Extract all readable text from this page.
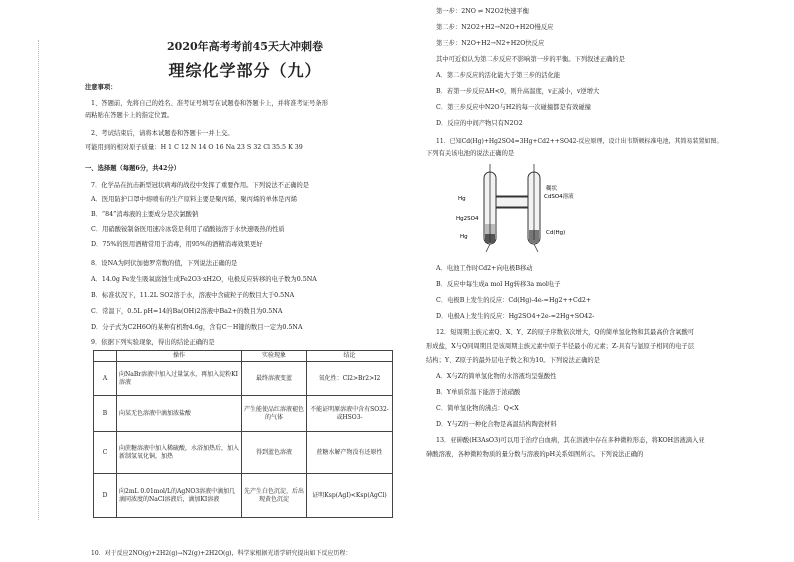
2020年高考考前45天大冲刺卷
理综化学部分（九）
注意事项：
1、答题前，先将自己的姓名、准考证号填写在试题卷和答题卡上，并将准考证号条形
码粘贴在答题卡上的指定位置。
2、考试结束后，请将本试题卷和答题卡一并上交。
可能用到的相对原子质量：H 1 C 12 N 14 O 16 Na 23 S 32 Cl 35.5 K 39
一、选择题（每题6分，共42分）
7．化学品在抗击新型冠状病毒的战役中发挥了重要作用。下列说法不正确的是
A．医用防护口罩中熔喷布的生产原料主要是聚丙烯，聚丙烯的单体是丙烯
B．“84”消毒液的主要成分是次氯酸钠
C．用硝酸铵制备医用速冷冰袋是利用了硝酸铵溶于水快速吸热的性质
D．75%的医用酒精常用于消毒，用95%的酒精消毒效果更好
8．设NA为阿伏加德罗常数的值，下列说法正确的是
A．14.0g Fe发生吸氧腐蚀生成Fe2O3·xH2O，电极反应转移的电子数为0.5NA
B．标准状况下，11.2L SO2溶于水，溶液中含硫粒子的数目大于0.5NA
C．常温下，0.5L pH=14的Ba(OH)2溶液中Ba2+的数目为0.5NA
D．分子式为C2H6O的某种有机物4.6g，含有C－H键的数目一定为0.5NA
9．依据下列实验现象，得出的结论正确的是
	操作	实验现象	结论
A	向NaBr溶液中加入过量氯水，再加入淀粉KI溶液	最终溶液变蓝	氧化性：Cl2>Br2>I2
B	向某无色溶液中滴加浓盐酸	产生能使品红溶液褪色的气体	不能证明原溶液中含有SO32-或HSO3-
C	向蔗糖溶液中加入稀硫酸，水浴加热后，加入新制氢氧化铜，加热	得到蓝色溶液	蔗糖水解产物没有还原性
D	向2mL 0.01mol/L的AgNO3溶液中滴加几滴同浓度的NaCl溶液后，滴加KI溶液	先产生白色沉淀，后出现黄色沉淀	证明Ksp(AgI)<Ksp(AgCl)
10．对于反应2NO(g)+2H2(g)→N2(g)+2H2O(g)，科学家根据光谱学研究提出如下反应历程：
第一步：2NO ⇌ N2O2快速平衡
第二步：N2O2+H2→N2O+H2O慢反应
第三步：N2O+H2→N2+H2O快反应
其中可近似认为第二步反应不影响第一步的平衡。下列叙述正确的是
A．第二步反应的活化能大于第三步的活化能
B．若第一步反应ΔH<0，则升高温度，v正减小，v逆增大
C．第三步反应中N2O与H2的每一次碰撞都是有效碰撞
D．反应的中间产物只有N2O2
11．已知Cd(Hg)+Hg2SO4=3Hg+Cd2++SO42-反应原理，设计出韦斯顿标准电池，其简易装置如图。
下列有关该电池的说法正确的是
Hg
Hg2SO4
Hg
糊状
CdSO4溶液
Cd(Hg)
A．电池工作时Cd2+向电极B移动
B．反应中每生成a mol Hg转移3a mol电子
C．电极B上发生的反应：Cd(Hg)-4e-=Hg2++Cd2+
D．电极A上发生的反应：Hg2SO4+2e-=2Hg+SO42-
12．短周期主族元素Q、X、Y、Z的原子序数依次增大，Q的简单氢化物和其最高价含氧酸可
形成盐，X与Q同周期且是该周期主族元素中原子半径最小的元素；Z-具有与氩原子相同的电子层
结构；Y、Z原子的最外层电子数之和为10。下列说法正确的是
A．X与Z的简单氢化物的水溶液均呈强酸性
B．Y单质常温下能溶于浓硝酸
C．简单氢化物的沸点：Q<X
D．Y与Z的一种化合物是高温结构陶瓷材料
13．亚砷酸(H3AsO3)可以用于治疗白血病，其在溶液中存在多种微粒形态，将KOH溶液滴入亚
砷酸溶液，各种微粒物质的量分数与溶液的pH关系如图所示。下列说法正确的
